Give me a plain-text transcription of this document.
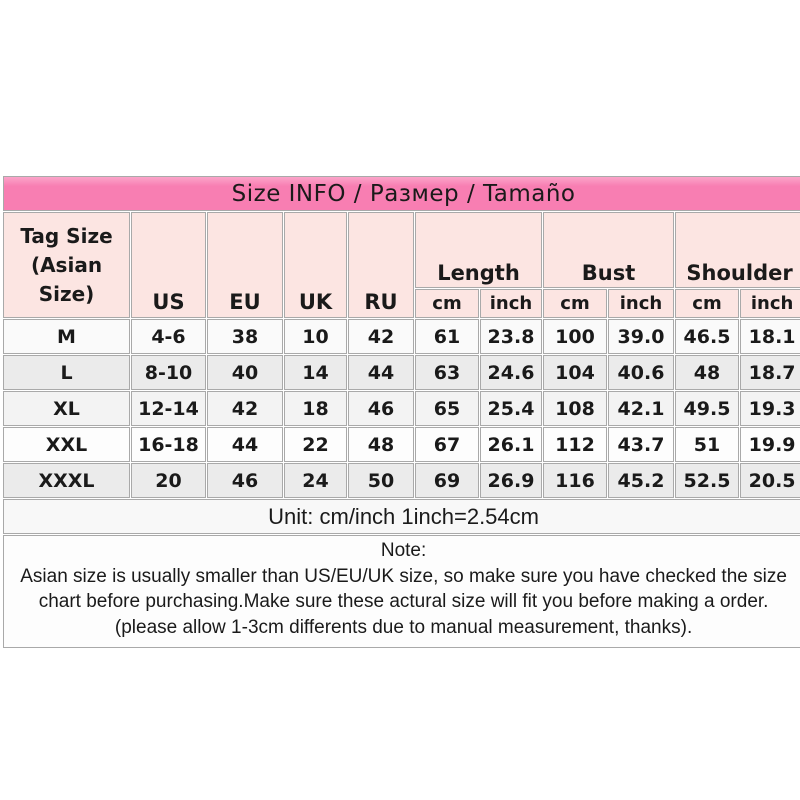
Size INFO / Размер / Tamaño										
Tag Size (Asian Size)	US	EU	UK	RU	Length		Bust		Shoulder	
					cm	inch	cm	inch	cm	inch
M	4-6	38	10	42	61	23.8	100	39.0	46.5	18.1
L	8-10	40	14	44	63	24.6	104	40.6	48	18.7
XL	12-14	42	18	46	65	25.4	108	42.1	49.5	19.3
XXL	16-18	44	22	48	67	26.1	112	43.7	51	19.9
XXXL	20	46	24	50	69	26.9	116	45.2	52.5	20.5
Unit: cm/inch 1inch=2.54cm										

Note:
Asian size is usually smaller than US/EU/UK size, so make sure you have checked the size chart before purchasing.Make sure these actural size will fit you before making a order.(please allow 1-3cm differents due to manual measurement, thanks).										
